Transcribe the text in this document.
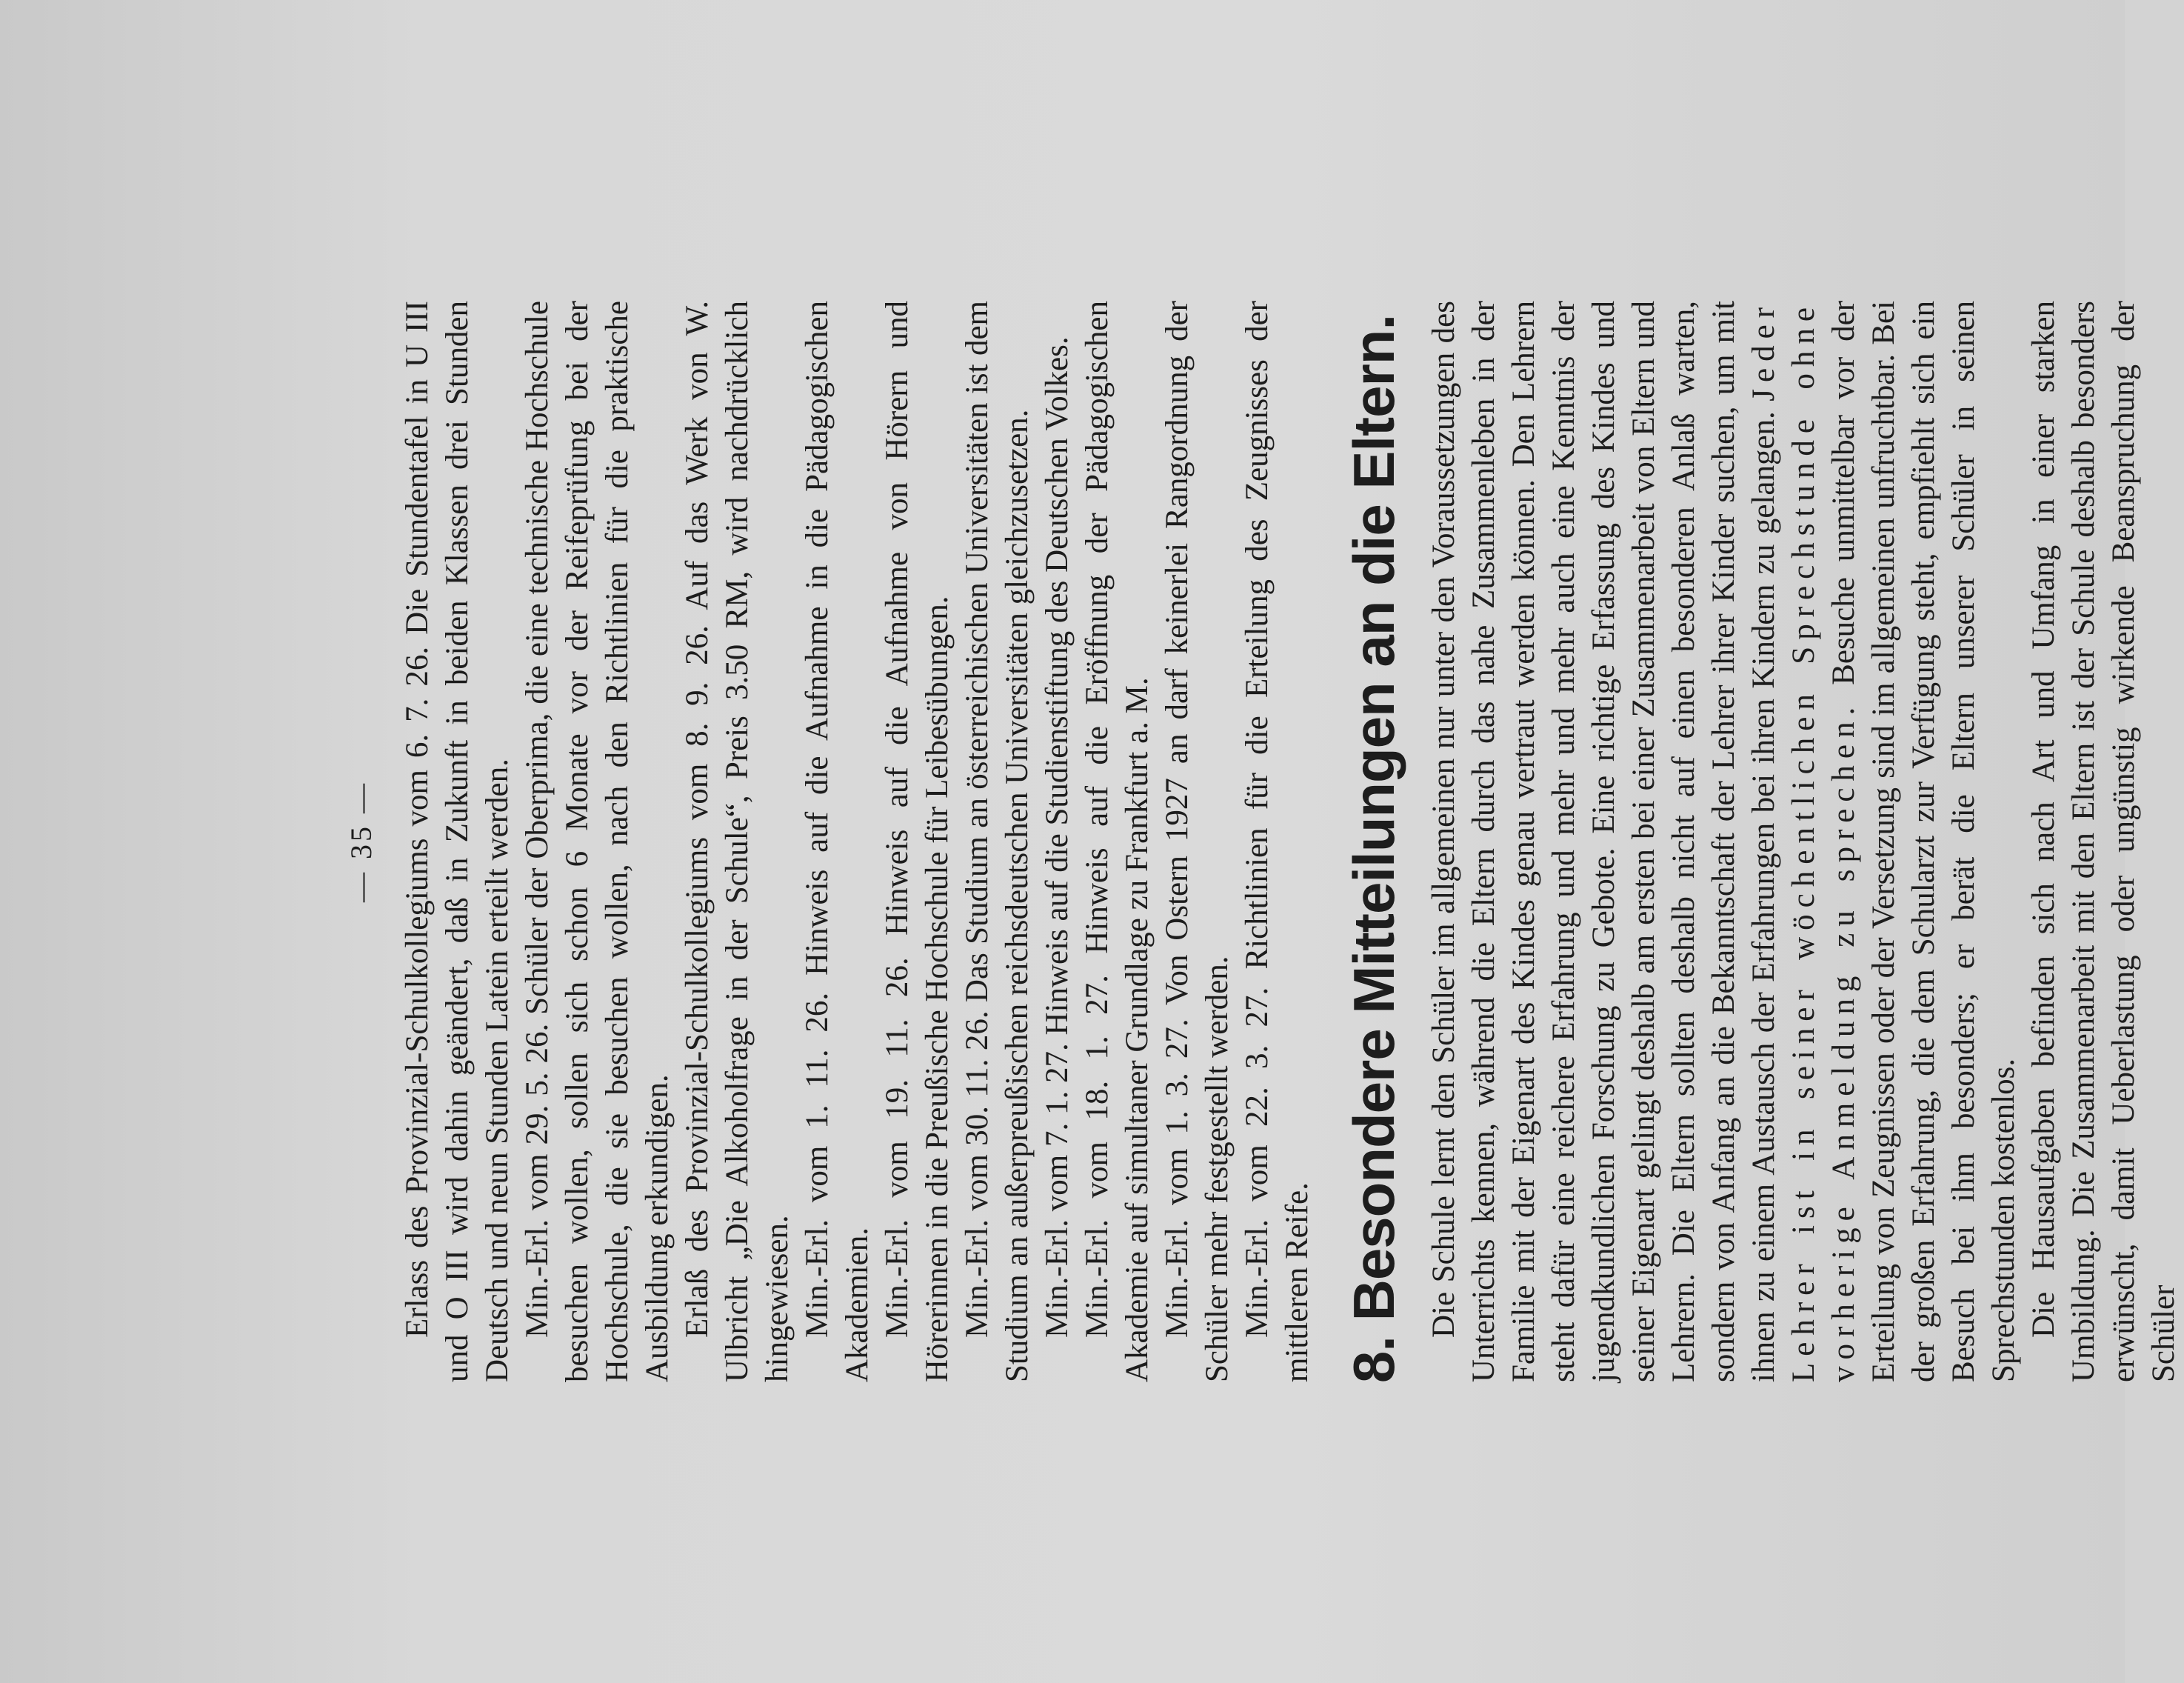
— 35 — Erlass des Provinzial-Schulkollegiums vom 6. 7. 26. Die Stundentafel in U III und O III wird dahin geändert, daß in Zukunft in beiden Klassen drei Stunden Deutsch und neun Stunden Latein erteilt werden. Min.-Erl. vom 29. 5. 26. Schüler der Oberprima, die eine technische Hochschule besuchen wollen, sollen sich schon 6 Monate vor der Reifeprüfung bei der Hochschule, die sie besuchen wollen, nach den Richtlinien für die praktische Ausbildung erkundigen. Erlaß des Provinzial-Schulkollegiums vom 8. 9. 26. Auf das Werk von W. Ulbricht „Die Alkoholfrage in der Schule“, Preis 3.50 RM, wird nachdrücklich hingewiesen. Min.-Erl. vom 1. 11. 26. Hinweis auf die Aufnahme in die Pädagogischen Akademien. Min.-Erl. vom 19. 11. 26. Hinweis auf die Aufnahme von Hörern und Hörerinnen in die Preußische Hochschule für Leibesübungen. Min.-Erl. vom 30. 11. 26. Das Studium an österreichischen Universitäten ist dem Studium an außerpreußischen reichsdeutschen Universitäten gleichzusetzen. Min.-Erl. vom 7. 1. 27. Hinweis auf die Studienstiftung des Deutschen Volkes. Min.-Erl. vom 18. 1. 27. Hinweis auf die Eröffnung der Pädagogischen Akademie auf simultaner Grundlage zu Frankfurt a. M. Min.-Erl. vom 1. 3. 27. Von Ostern 1927 an darf keinerlei Rangordnung der Schüler mehr festgestellt werden. Min.-Erl. vom 22. 3. 27. Richtlinien für die Erteilung des Zeugnisses der mittleren Reife. 8. Besondere Mitteilungen an die Eltern. Die Schule lernt den Schüler im allgemeinen nur unter den Voraussetzungen des Unterrichts kennen, während die Eltern durch das nahe Zusammenleben in der Familie mit der Eigenart des Kindes genau vertraut werden können. Den Lehrern steht dafür eine reichere Erfahrung und mehr und mehr auch eine Kenntnis der jugendkundlichen Forschung zu Gebote. Eine richtige Erfassung des Kindes und seiner Eigenart gelingt deshalb am ersten bei einer Zusammenarbeit von Eltern und Lehrern. Die Eltern sollten deshalb nicht auf einen besonderen Anlaß warten, sondern von Anfang an die Bekanntschaft der Lehrer ihrer Kinder suchen, um mit ihnen zu einem Austausch der Erfahrungen bei ihren Kindern zu gelangen. Jeder Lehrer ist in seiner wöchentlichen Sprechstunde ohne vorherige Anmeldung zu sprechen. Besuche unmittelbar vor der Erteilung von Zeugnissen oder der Versetzung sind im allgemeinen unfruchtbar. Bei der großen Erfahrung, die dem Schularzt zur Verfügung steht, empfiehlt sich ein Besuch bei ihm besonders; er berät die Eltern unserer Schüler in seinen Sprechstunden kostenlos. Die Hausaufgaben befinden sich nach Art und Umfang in einer starken Umbildung. Die Zusammenarbeit mit den Eltern ist der Schule deshalb besonders erwünscht, damit Ueberlastung oder ungünstig wirkende Beanspruchung der Schüler
